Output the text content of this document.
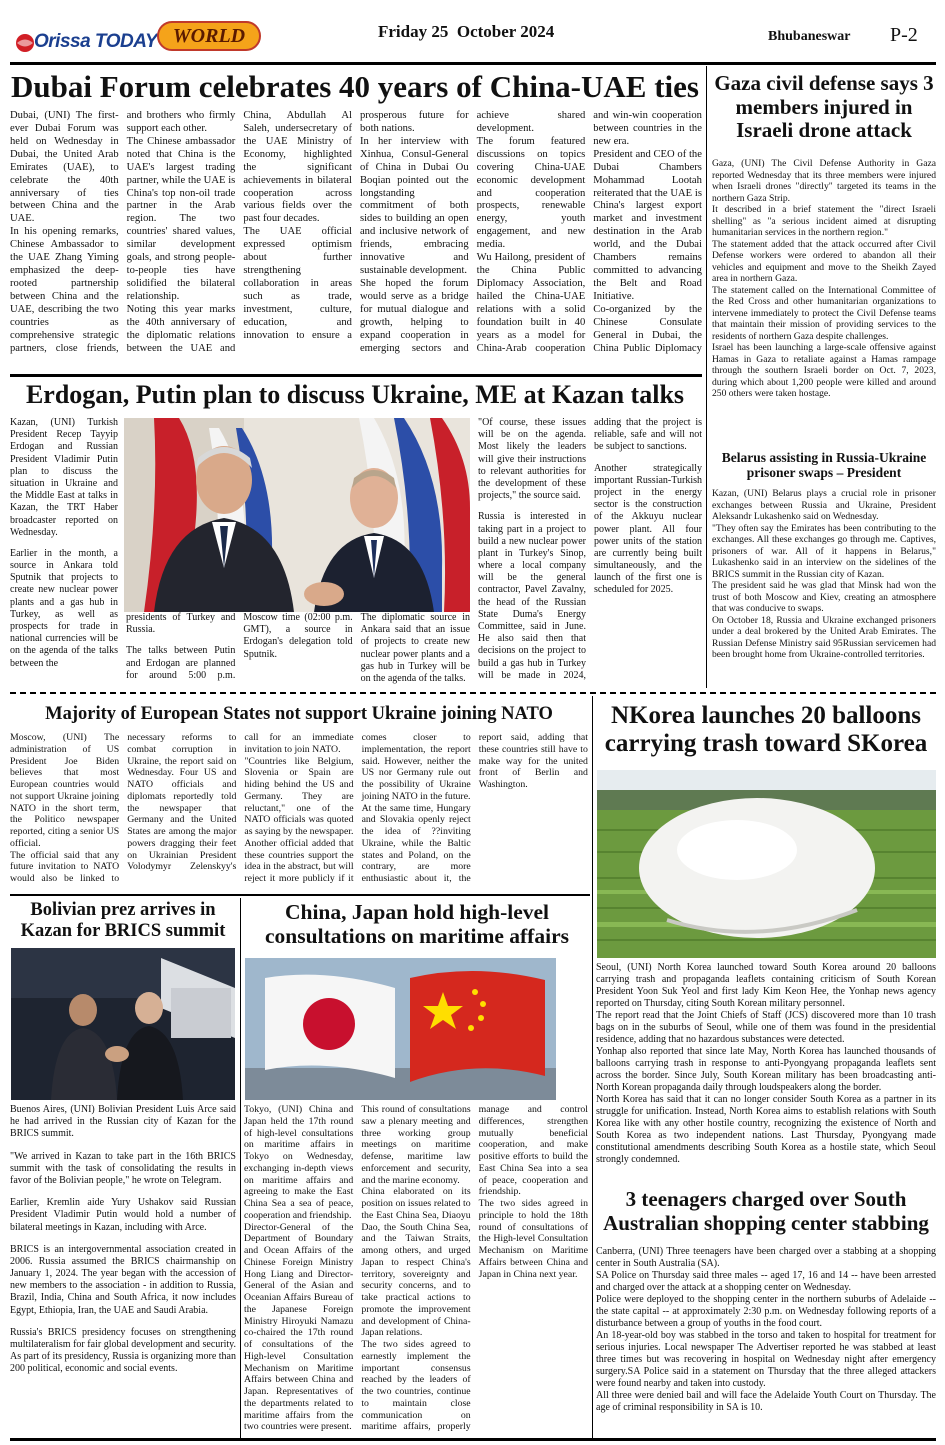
Orissa TODAY WORLD	Friday 25  October 2024	Bhubaneswar P-2
Dubai Forum celebrates 40 years of China-UAE ties

Dubai, (UNI) The first-ever Dubai Forum was held on Wednesday in Dubai, the United Arab Emirates (UAE), to celebrate the 40th anniversary of ties between China and the UAE.

In his opening remarks, Chinese Ambassador to the UAE Zhang Yiming emphasized the deep-rooted partnership between China and the UAE, describing the two countries as comprehensive strategic partners, close friends, and brothers who firmly support each other.

The Chinese ambassador noted that China is the UAE's largest trading partner, while the UAE is China's top non-oil trade partner in the Arab region. The two countries' shared values, similar development goals, and strong people-to-people ties have solidified the bilateral relationship.

Noting this year marks the 40th anniversary of the diplomatic relations between the UAE and China, Abdullah Al Saleh, undersecretary of the UAE Ministry of Economy, highlighted the significant achievements in bilateral cooperation across various fields over the past four decades.

The UAE official expressed optimism about further strengthening collaboration in areas such as trade, investment, culture, education, and innovation to ensure a prosperous future for both nations.

In her interview with Xinhua, Consul-General of China in Dubai Ou Boqian pointed out the longstanding commitment of both sides to building an open and inclusive network of friends, embracing innovative and sustainable development.

She hoped the forum would serve as a bridge for mutual dialogue and growth, helping to expand cooperation in emerging sectors and achieve shared development.

The forum featured discussions on topics covering China-UAE economic development and cooperation prospects, renewable energy, youth engagement, and new media.

Wu Hailong, president of the China Public Diplomacy Association, hailed the China-UAE relations with a solid foundation built in 40 years as a model for China-Arab cooperation and win-win cooperation between countries in the new era.

President and CEO of the Dubai Chambers Mohammad Lootah reiterated that the UAE is China's largest export market and investment destination in the Arab world, and the Dubai Chambers remains committed to advancing the Belt and Road Initiative.

Co-organized by the Chinese Consulate General in Dubai, the China Public Diplomacy

Gaza civil defense says 3 members injured in Israeli drone attack

Gaza, (UNI) The Civil Defense Authority in Gaza reported Wednesday that its three members were injured when Israeli drones "directly" targeted its teams in the northern Gaza Strip.

It described in a brief statement the "direct Israeli shelling" as "a serious incident aimed at disrupting humanitarian services in the northern region."

The statement added that the attack occurred after Civil Defense workers were ordered to abandon all their vehicles and equipment and move to the Sheikh Zayed area in northern Gaza.

The statement called on the International Committee of the Red Cross and other humanitarian organizations to intervene immediately to protect the Civil Defense teams that maintain their mission of providing services to the residents of northern Gaza despite challenges.

Israel has been launching a large-scale offensive against Hamas in Gaza to retaliate against a Hamas rampage through the southern Israeli border on Oct. 7, 2023, during which about 1,200 people were killed and around 250 others were taken hostage.

Belarus assisting in Russia-Ukraine prisoner swaps – President

Kazan, (UNI) Belarus plays a crucial role in prisoner exchanges between Russia and Ukraine, President Aleksandr Lukashenko said on Wednesday.

"They often say the Emirates has been contributing to the exchanges. All these exchanges go through me. Captives, prisoners of war. All of it happens in Belarus," Lukashenko said in an interview on the sidelines of the BRICS summit in the Russian city of Kazan.

The president said he was glad that Minsk had won the trust of both Moscow and Kiev, creating an atmosphere that was conducive to swaps.

On October 18, Russia and Ukraine exchanged prisoners under a deal brokered by the United Arab Emirates. The Russian Defense Ministry said 95Russian servicemen had been brought home from Ukraine-controlled territories.

Erdogan, Putin plan to discuss Ukraine, ME at Kazan talks

Kazan, (UNI) Turkish President Recep Tayyip Erdogan and Russian President Vladimir Putin plan to discuss the situation in Ukraine and the Middle East at talks in Kazan, the TRT Haber broadcaster reported on Wednesday.

Earlier in the month, a source in Ankara told Sputnik that projects to create new nuclear power plants and a gas hub in Turkey, as well as prospects for trade in national currencies will be on the agenda of the talks between the

presidents of Turkey and Russia.

The talks between Putin and Erdogan are planned for around 5:00 p.m. Moscow time (02:00 p.m. GMT), a source in Erdogan's delegation told Sputnik.

The diplomatic source in Ankara said that an issue of projects to create new nuclear power plants and a gas hub in Turkey will be on the agenda of the talks.

"Of course, these issues will be on the agenda. Most likely the leaders will give their instructions to relevant authorities for the development of these projects," the source said.

Russia is interested in taking part in a project to build a new nuclear power plant in Turkey's Sinop, where a local company will be the general contractor, Pavel Zavalny, the head of the Russian State Duma's Energy Committee, said in June. He also said then that decisions on the project to build a gas hub in Turkey will be made in 2024, adding that the project is reliable, safe and will not be subject to sanctions.

Another strategically important Russian-Turkish project in the energy sector is the construction of the Akkuyu nuclear power plant. All four power units of the station are currently being built simultaneously, and the launch of the first one is scheduled for 2025.

Majority of European States not support Ukraine joining NATO

Moscow, (UNI) The administration of US President Joe Biden believes that most European countries would not support Ukraine joining NATO in the short term, the Politico newspaper reported, citing a senior US official.

The official said that any future invitation to NATO would also be linked to necessary reforms to combat corruption in Ukraine, the report said on Wednesday. Four US and NATO officials and diplomats reportedly told the newspaper that Germany and the United States are among the major powers dragging their feet on Ukrainian President Volodymyr Zelenskyy's call for an immediate invitation to join NATO.

"Countries like Belgium, Slovenia or Spain are hiding behind the US and Germany. They are reluctant," one of the NATO officials was quoted as saying by the newspaper.

Another official added that these countries support the idea in the abstract, but will reject it more publicly if it comes closer to implementation, the report said. However, neither the US nor Germany rule out the possibility of Ukraine joining NATO in the future.

At the same time, Hungary and Slovakia openly reject the idea of ??inviting Ukraine, while the Baltic states and Poland, on the contrary, are more enthusiastic about it, the report said, adding that these countries still have to make way for the united front of Berlin and Washington.

NKorea launches 20 balloons carrying trash toward SKorea

Seoul, (UNI) North Korea launched toward South Korea around 20 balloons carrying trash and propaganda leaflets containing criticism of South Korean President Yoon Suk Yeol and first lady Kim Keon Hee, the Yonhap news agency reported on Thursday, citing South Korean military personnel.

The report read that the Joint Chiefs of Staff (JCS) discovered more than 10 trash bags on in the suburbs of Seoul, while one of them was found in the presidential residence, adding that no hazardous substances were detected.

Yonhap also reported that since late May, North Korea has launched thousands of balloons carrying trash in response to anti-Pyongyang propaganda leaflets sent across the border. Since July, South Korean military has been broadcasting anti-North Korean propaganda daily through loudspeakers along the border.

North Korea has said that it can no longer consider South Korea as a partner in its struggle for unification. Instead, North Korea aims to establish relations with South Korea like with any other hostile country, recognizing the existence of North and South Korea as two independent nations. Last Thursday, Pyongyang made constitutional amendments describing South Korea as a hostile state, which Seoul strongly condemned.

3 teenagers charged over South Australian shopping center stabbing

Canberra, (UNI) Three teenagers have been charged over a stabbing at a shopping center in South Australia (SA).

SA Police on Thursday said three males -- aged 17, 16 and 14 -- have been arrested and charged over the attack at a shopping center on Wednesday.

Police were deployed to the shopping center in the northern suburbs of Adelaide -- the state capital -- at approximately 2:30 p.m. on Wednesday following reports of a disturbance between a group of youths in the food court.

An 18-year-old boy was stabbed in the torso and taken to hospital for treatment for serious injuries. Local newspaper The Advertiser reported he was stabbed at least three times but was recovering in hospital on Wednesday night after emergency surgery.SA Police said in a statement on Thursday that the three alleged attackers were found nearby and taken into custody.

All three were denied bail and will face the Adelaide Youth Court on Thursday. The age of criminal responsibility in SA is 10.

Bolivian prez arrives in Kazan for BRICS summit

Buenos Aires, (UNI) Bolivian President Luis Arce said he had arrived in the Russian city of Kazan for the BRICS summit.

"We arrived in Kazan to take part in the 16th BRICS summit with the task of consolidating the results in favor of the Bolivian people," he wrote on Telegram.

Earlier, Kremlin aide Yury Ushakov said Russian President Vladimir Putin would hold a number of bilateral meetings in Kazan, including with Arce.

BRICS is an intergovernmental association created in 2006. Russia assumed the BRICS chairmanship on January 1, 2024. The year began with the accession of new members to the association - in addition to Russia, Brazil, India, China and South Africa, it now includes Egypt, Ethiopia, Iran, the UAE and Saudi Arabia.

Russia's BRICS presidency focuses on strengthening multilateralism for fair global development and security. As part of its presidency, Russia is organizing more than 200 political, economic and social events.

China, Japan hold high-level consultations on maritime affairs

Tokyo, (UNI) China and Japan held the 17th round of high-level consultations on maritime affairs in Tokyo on Wednesday, exchanging in-depth views on maritime affairs and agreeing to make the East China Sea a sea of peace, cooperation and friendship.

Director-General of the Department of Boundary and Ocean Affairs of the Chinese Foreign Ministry Hong Liang and Director-General of the Asian and Oceanian Affairs Bureau of the Japanese Foreign Ministry Hiroyuki Namazu co-chaired the 17th round of consultations of the High-level Consultation Mechanism on Maritime Affairs between China and Japan. Representatives of the departments related to maritime affairs from the two countries were present.

This round of consultations saw a plenary meeting and three working group meetings on maritime defense, maritime law enforcement and security, and the marine economy.

China elaborated on its position on issues related to the East China Sea, Diaoyu Dao, the South China Sea, and the Taiwan Straits, among others, and urged Japan to respect China's territory, sovereignty and security concerns, and to take practical actions to promote the improvement and development of China-Japan relations.

The two sides agreed to earnestly implement the important consensus reached by the leaders of the two countries, continue to maintain close communication on maritime affairs, properly manage and control differences, strengthen mutually beneficial cooperation, and make positive efforts to build the East China Sea into a sea of peace, cooperation and friendship.

The two sides agreed in principle to hold the 18th round of consultations of the High-level Consultation Mechanism on Maritime Affairs between China and Japan in China next year.
